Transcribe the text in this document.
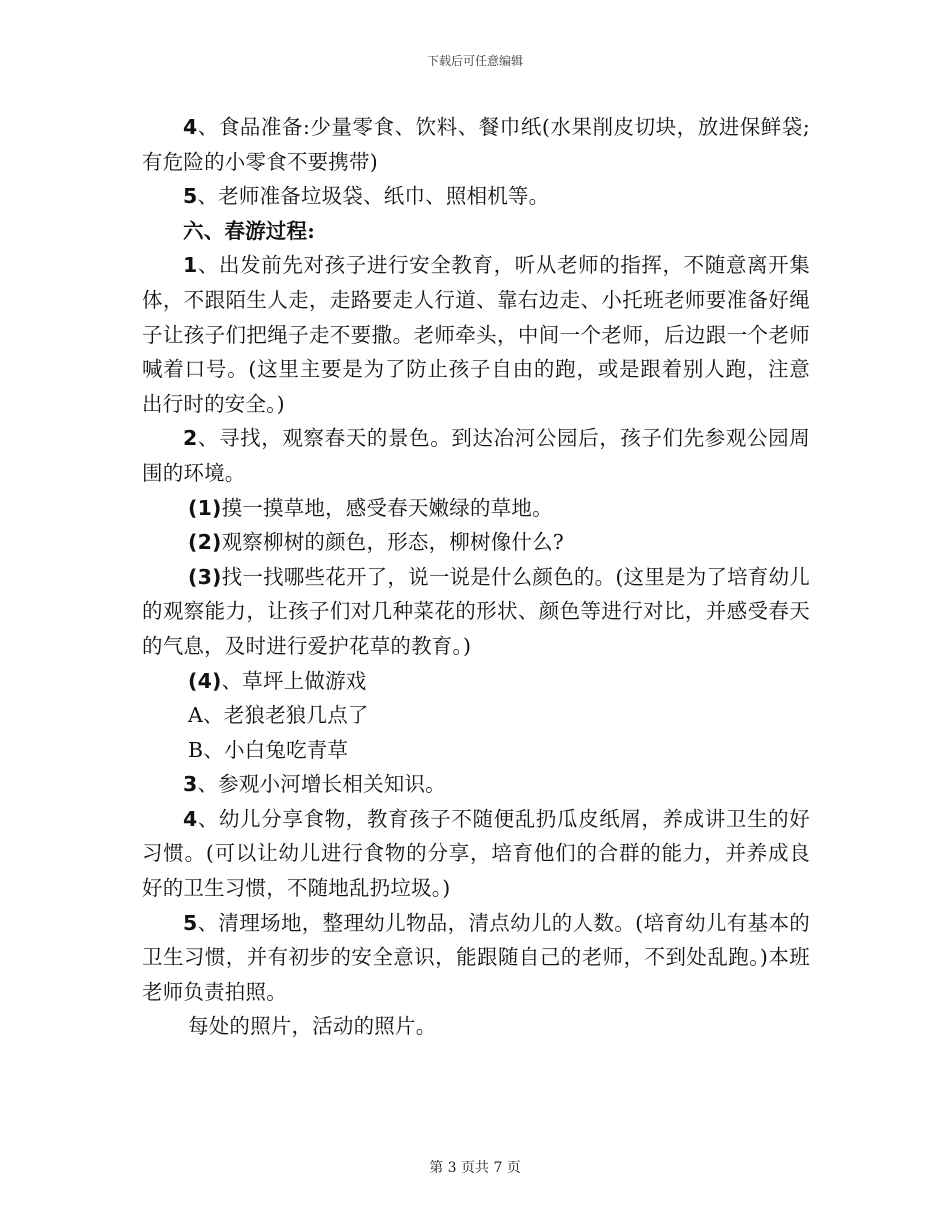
下载后可任意编辑

4、食品准备:少量零食、饮料、餐巾纸(水果削皮切块，放进保鲜袋;有危险的小零食不要携带)

5、老师准备垃圾袋、纸巾、照相机等。

六、春游过程:

1、出发前先对孩子进行安全教育，听从老师的指挥，不随意离开集体，不跟陌生人走，走路要走人行道、靠右边走、小托班老师要准备好绳子让孩子们把绳子走不要撒。老师牵头，中间一个老师，后边跟一个老师喊着口号。(这里主要是为了防止孩子自由的跑，或是跟着别人跑，注意出行时的安全。)

2、寻找，观察春天的景色。到达冶河公园后，孩子们先参观公园周围的环境。

(1)摸一摸草地，感受春天嫩绿的草地。

(2)观察柳树的颜色，形态，柳树像什么?

(3)找一找哪些花开了，说一说是什么颜色的。(这里是为了培育幼儿的观察能力，让孩子们对几种菜花的形状、颜色等进行对比，并感受春天的气息，及时进行爱护花草的教育。)

(4)、草坪上做游戏

A、老狼老狼几点了

B、小白兔吃青草

3、参观小河增长相关知识。

4、幼儿分享食物，教育孩子不随便乱扔瓜皮纸屑，养成讲卫生的好习惯。(可以让幼儿进行食物的分享，培育他们的合群的能力，并养成良好的卫生习惯，不随地乱扔垃圾。)

5、清理场地，整理幼儿物品，清点幼儿的人数。(培育幼儿有基本的卫生习惯，并有初步的安全意识，能跟随自己的老师，不到处乱跑。)本班老师负责拍照。

每处的照片，活动的照片。

第 3 页共 7 页
